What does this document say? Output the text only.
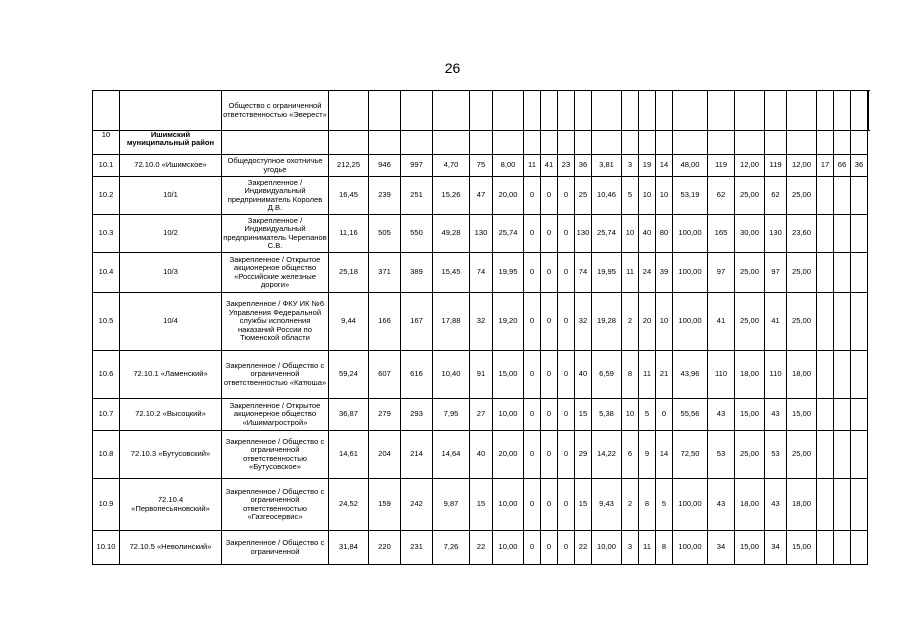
26
		Общество с ограниченной ответственностью «Эверест»																								
10	Ишимский муниципальный район																								
10.1	72.10.0 «Ишимское»	Общедоступное охотничье угодье	212,25	946	997	4,70	75	8,00	11	41	23	36	3,81	3	19	14	48,00	119	12,00	119	12,00	17	66	36	
10.2	10/1	Закрепленное / Индивидуальный предприниматель Королев Д.В.	16,45	239	251	15,26	47	20,00	0	0	0	25	10,46	5	10	10	53,19	62	25,00	62	25,00				
10.3	10/2	Закрепленное / Индивидуальный предприниматель Черепанов С.В.	11,16	505	550	49,28	130	25,74	0	0	0	130	25,74	10	40	80	100,00	165	30,00	130	23,60				
10.4	10/3	Закрепленное / Открытое акционерное общество «Российские железные дороги»	25,18	371	389	15,45	74	19,95	0	0	0	74	19,95	11	24	39	100,00	97	25,00	97	25,00				
10.5	10/4	Закрепленное / ФКУ ИК №6 Управления Федеральной службы исполнения наказаний России по Тюменской области	9,44	166	167	17,88	32	19,20	0	0	0	32	19,28	2	20	10	100,00	41	25,00	41	25,00				
10.6	72.10.1 «Ламенский»	Закрепленное / Общество с ограниченной ответственностью «Катюша»	59,24	607	616	10,40	91	15,00	0	0	0	40	6,59	8	11	21	43,96	110	18,00	110	18,00				
10.7	72.10.2 «Высоцкий»	Закрепленное / Открытое акционерное общество «Ишимагрострой»	36,87	279	293	7,95	27	10,00	0	0	0	15	5,38	10	5	0	55,56	43	15,00	43	15,00				
10.8	72.10.3 «Бутусовский»	Закрепленное / Общество с ограниченной ответственностью «Бутусовское»	14,61	204	214	14,64	40	20,00	0	0	0	29	14,22	6	9	14	72,50	53	25,00	53	25,00				
10.9	72.10.4 «Первопесьяновский»	Закрепленное / Общество с ограниченной ответственностью «Газгеосервис»	24,52	159	242	9,87	15	10,00	0	0	0	15	9,43	2	8	5	100,00	43	18,00	43	18,00				
10.10	72.10.5 «Неволинский»	Закрепленное / Общество с ограниченной	31,84	220	231	7,26	22	10,00	0	0	0	22	10,00	3	11	8	100,00	34	15,00	34	15,00				
